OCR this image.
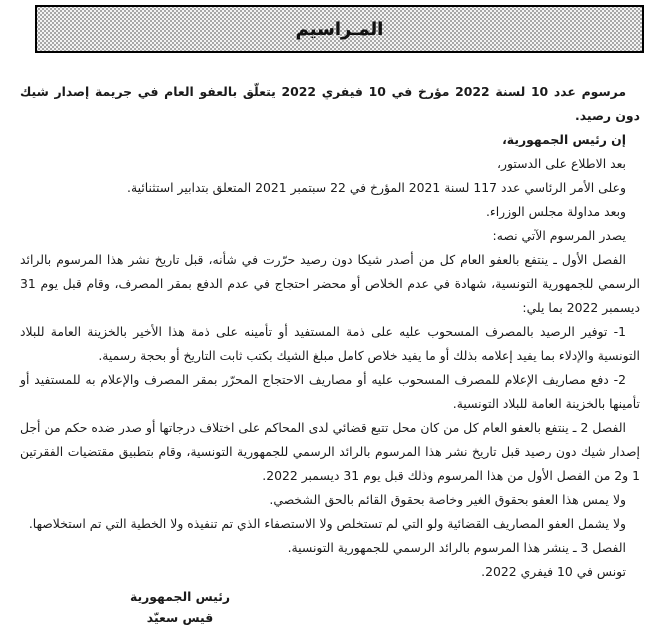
المـراسيم

مرسوم عدد 10 لسنة 2022 مؤرخ في 10 فيفري 2022 يتعلّق بالعفو العام في جريمة إصدار شيك دون رصيد.

إن رئيس الجمهورية،

بعد الاطلاع على الدستور،

وعلى الأمر الرئاسي عدد 117 لسنة 2021 المؤرخ في 22 سبتمبر 2021 المتعلق بتدابير استثنائية.

وبعد مداولة مجلس الوزراء.

يصدر المرسوم الآتي نصه:

الفصل الأول ـ ينتفع بالعفو العام كل من أصدر شيكا دون رصيد حرّرت في شأنه، قبل تاريخ نشر هذا المرسوم بالرائد الرسمي للجمهورية التونسية، شهادة في عدم الخلاص أو محضر احتجاج في عدم الدفع بمقر المصرف، وقام قبل يوم 31 ديسمبر 2022 بما يلي:

1- توفير الرصيد بالمصرف المسحوب عليه على ذمة المستفيد أو تأمينه على ذمة هذا الأخير بالخزينة العامة للبلاد التونسية والإدلاء بما يفيد إعلامه بذلك أو ما يفيد خلاص كامل مبلغ الشيك بكتب ثابت التاريخ أو بحجة رسمية.

2- دفع مصاريف الإعلام للمصرف المسحوب عليه أو مصاريف الاحتجاج المحرّر بمقر المصرف والإعلام به للمستفيد أو تأمينها بالخزينة العامة للبلاد التونسية.

الفصل 2 ـ ينتفع بالعفو العام كل من كان محل تتبع قضائي لدى المحاكم على اختلاف درجاتها أو صدر ضده حكم من أجل إصدار شيك دون رصيد قبل تاريخ نشر هذا المرسوم بالرائد الرسمي للجمهورية التونسية، وقام بتطبيق مقتضيات الفقرتين 1 و2 من الفصل الأول من هذا المرسوم وذلك قبل يوم 31 ديسمبر 2022.

ولا يمس هذا العفو بحقوق الغير وخاصة بحقوق القائم بالحق الشخصي.

ولا يشمل العفو المصاريف القضائية ولو التي لم تستخلص ولا الاستصفاء الذي تم تنفيذه ولا الخطية التي تم استخلاصها.

الفصل 3 ـ ينشر هذا المرسوم بالرائد الرسمي للجمهورية التونسية.

تونس في 10 فيفري 2022.

رئيس الجمهورية
قيس سعيّد
